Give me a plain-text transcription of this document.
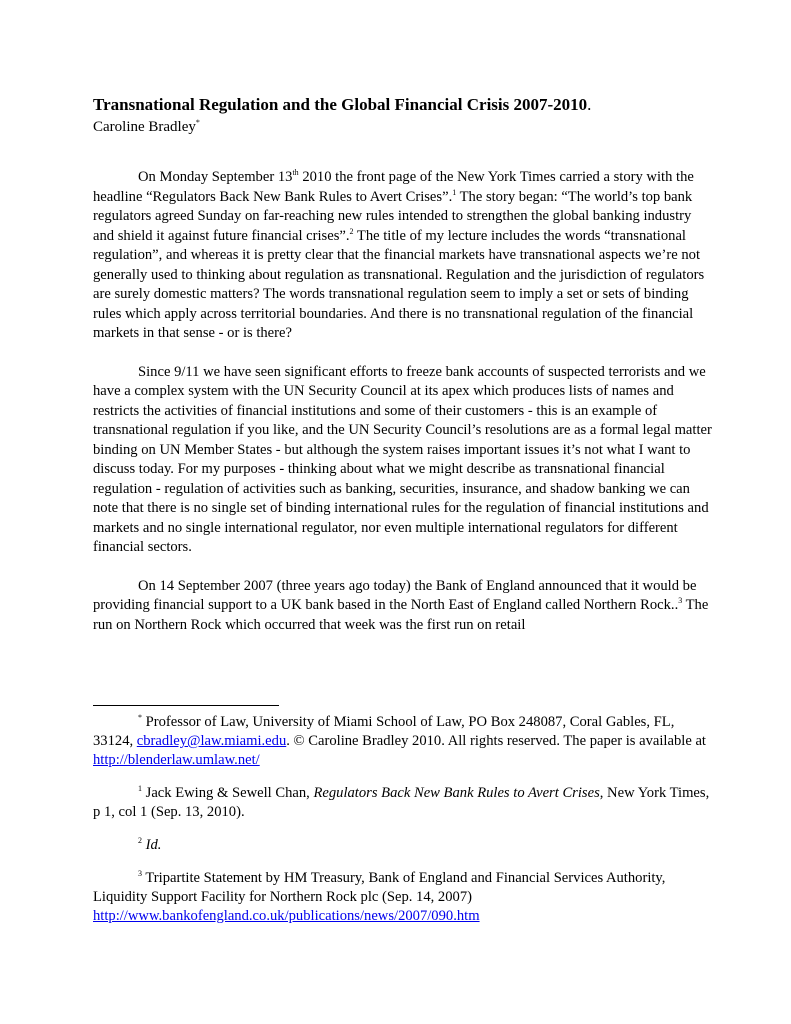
Transnational Regulation and the Global Financial Crisis 2007-2010.

Caroline Bradley*

On Monday September 13th 2010 the front page of the New York Times carried a story with the headline “Regulators Back New Bank Rules to Avert Crises”.$^1$ The story began: “The world’s top bank regulators agreed Sunday on far-reaching new rules intended to strengthen the global banking industry and shield it against future financial crises”.$^2$ The title of my lecture includes the words “transnational regulation”, and whereas it is pretty clear that the financial markets have transnational aspects we’re not generally used to thinking about regulation as transnational. Regulation and the jurisdiction of regulators are surely domestic matters? The words transnational regulation seem to imply a set or sets of binding rules which apply across territorial boundaries. And there is no transnational regulation of the financial markets in that sense - or is there?

Since 9/11 we have seen significant efforts to freeze bank accounts of suspected terrorists and we have a complex system with the UN Security Council at its apex which produces lists of names and restricts the activities of financial institutions and some of their customers - this is an example of transnational regulation if you like, and the UN Security Council’s resolutions are as a formal legal matter binding on UN Member States - but although the system raises important issues it’s not what I want to discuss today. For my purposes - thinking about what we might describe as transnational financial regulation - regulation of activities such as banking, securities, insurance, and shadow banking we can note that there is no single set of binding international rules for the regulation of financial institutions and markets and no single international regulator, nor even multiple international regulators for different financial sectors.

On 14 September 2007 (three years ago today) the Bank of England announced that it would be providing financial support to a UK bank based in the North East of England called Northern Rock..$^3$ The run on Northern Rock which occurred that week was the first run on retail

* Professor of Law, University of Miami School of Law, PO Box 248087, Coral Gables, FL, 33124, cbradley@law.miami.edu. © Caroline Bradley 2010. All rights reserved. The paper is available at http://blenderlaw.umlaw.net/

$^1$ Jack Ewing & Sewell Chan, Regulators Back New Bank Rules to Avert Crises, New York Times, p 1, col 1 (Sep. 13, 2010).

$^2$ Id.

$^3$ Tripartite Statement by HM Treasury, Bank of England and Financial Services Authority, Liquidity Support Facility for Northern Rock plc (Sep. 14, 2007) http://www.bankofengland.co.uk/publications/news/2007/090.htm
